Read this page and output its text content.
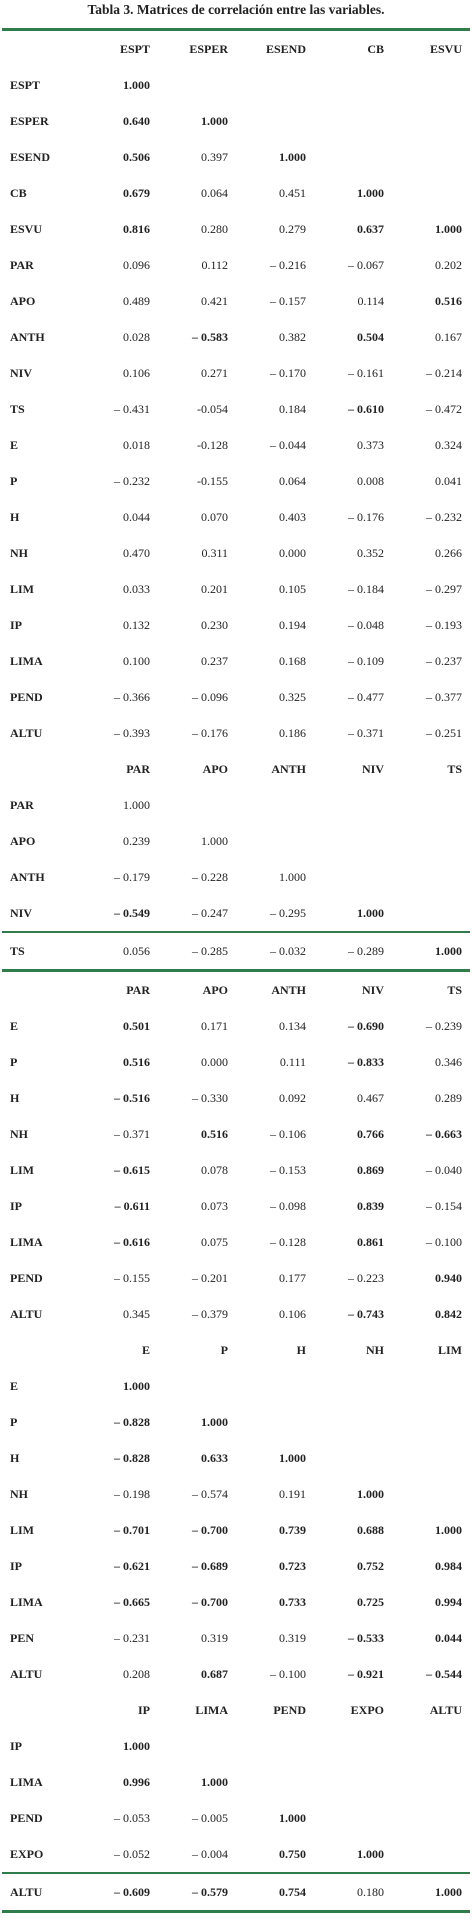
Tabla 3. Matrices de correlación entre las variables.
	ESPT	ESPER	ESEND	CB	ESVU
ESPT	1.000				
ESPER	0.640	1.000			
ESEND	0.506	0.397	1.000		
CB	0.679	0.064	0.451	1.000	
ESVU	0.816	0.280	0.279	0.637	1.000
PAR	0.096	0.112	– 0.216	– 0.067	0.202
APO	0.489	0.421	– 0.157	0.114	0.516
ANTH	0.028	– 0.583	0.382	0.504	0.167
NIV	0.106	0.271	– 0.170	– 0.161	– 0.214
TS	– 0.431	-0.054	0.184	– 0.610	– 0.472
E	0.018	-0.128	– 0.044	0.373	0.324
P	– 0.232	-0.155	0.064	0.008	0.041
H	0.044	0.070	0.403	– 0.176	– 0.232
NH	0.470	0.311	0.000	0.352	0.266
LIM	0.033	0.201	0.105	– 0.184	– 0.297
IP	0.132	0.230	0.194	– 0.048	– 0.193
LIMA	0.100	0.237	0.168	– 0.109	– 0.237
PEND	– 0.366	– 0.096	0.325	– 0.477	– 0.377
ALTU	– 0.393	– 0.176	0.186	– 0.371	– 0.251
	PAR	APO	ANTH	NIV	TS
PAR	1.000				
APO	0.239	1.000			
ANTH	– 0.179	– 0.228	1.000		
NIV	– 0.549	– 0.247	– 0.295	1.000	
TS	0.056	– 0.285	– 0.032	– 0.289	1.000
	PAR	APO	ANTH	NIV	TS
E	0.501	0.171	0.134	– 0.690	– 0.239
P	0.516	0.000	0.111	– 0.833	0.346
H	– 0.516	– 0.330	0.092	0.467	0.289
NH	– 0.371	0.516	– 0.106	0.766	– 0.663
LIM	– 0.615	0.078	– 0.153	0.869	– 0.040
IP	– 0.611	0.073	– 0.098	0.839	– 0.154
LIMA	– 0.616	0.075	– 0.128	0.861	– 0.100
PEND	– 0.155	– 0.201	0.177	– 0.223	0.940
ALTU	0.345	– 0.379	0.106	– 0.743	0.842
	E	P	H	NH	LIM
E	1.000				
P	– 0.828	1.000			
H	– 0.828	0.633	1.000		
NH	– 0.198	– 0.574	0.191	1.000	
LIM	– 0.701	– 0.700	0.739	0.688	1.000
IP	– 0.621	– 0.689	0.723	0.752	0.984
LIMA	– 0.665	– 0.700	0.733	0.725	0.994
PEN	– 0.231	0.319	0.319	– 0.533	0.044
ALTU	0.208	0.687	– 0.100	– 0.921	– 0.544
	IP	LIMA	PEND	EXPO	ALTU
IP	1.000				
LIMA	0.996	1.000			
PEND	– 0.053	– 0.005	1.000		
EXPO	– 0.052	– 0.004	0.750	1.000	
ALTU	– 0.609	– 0.579	0.754	0.180	1.000
